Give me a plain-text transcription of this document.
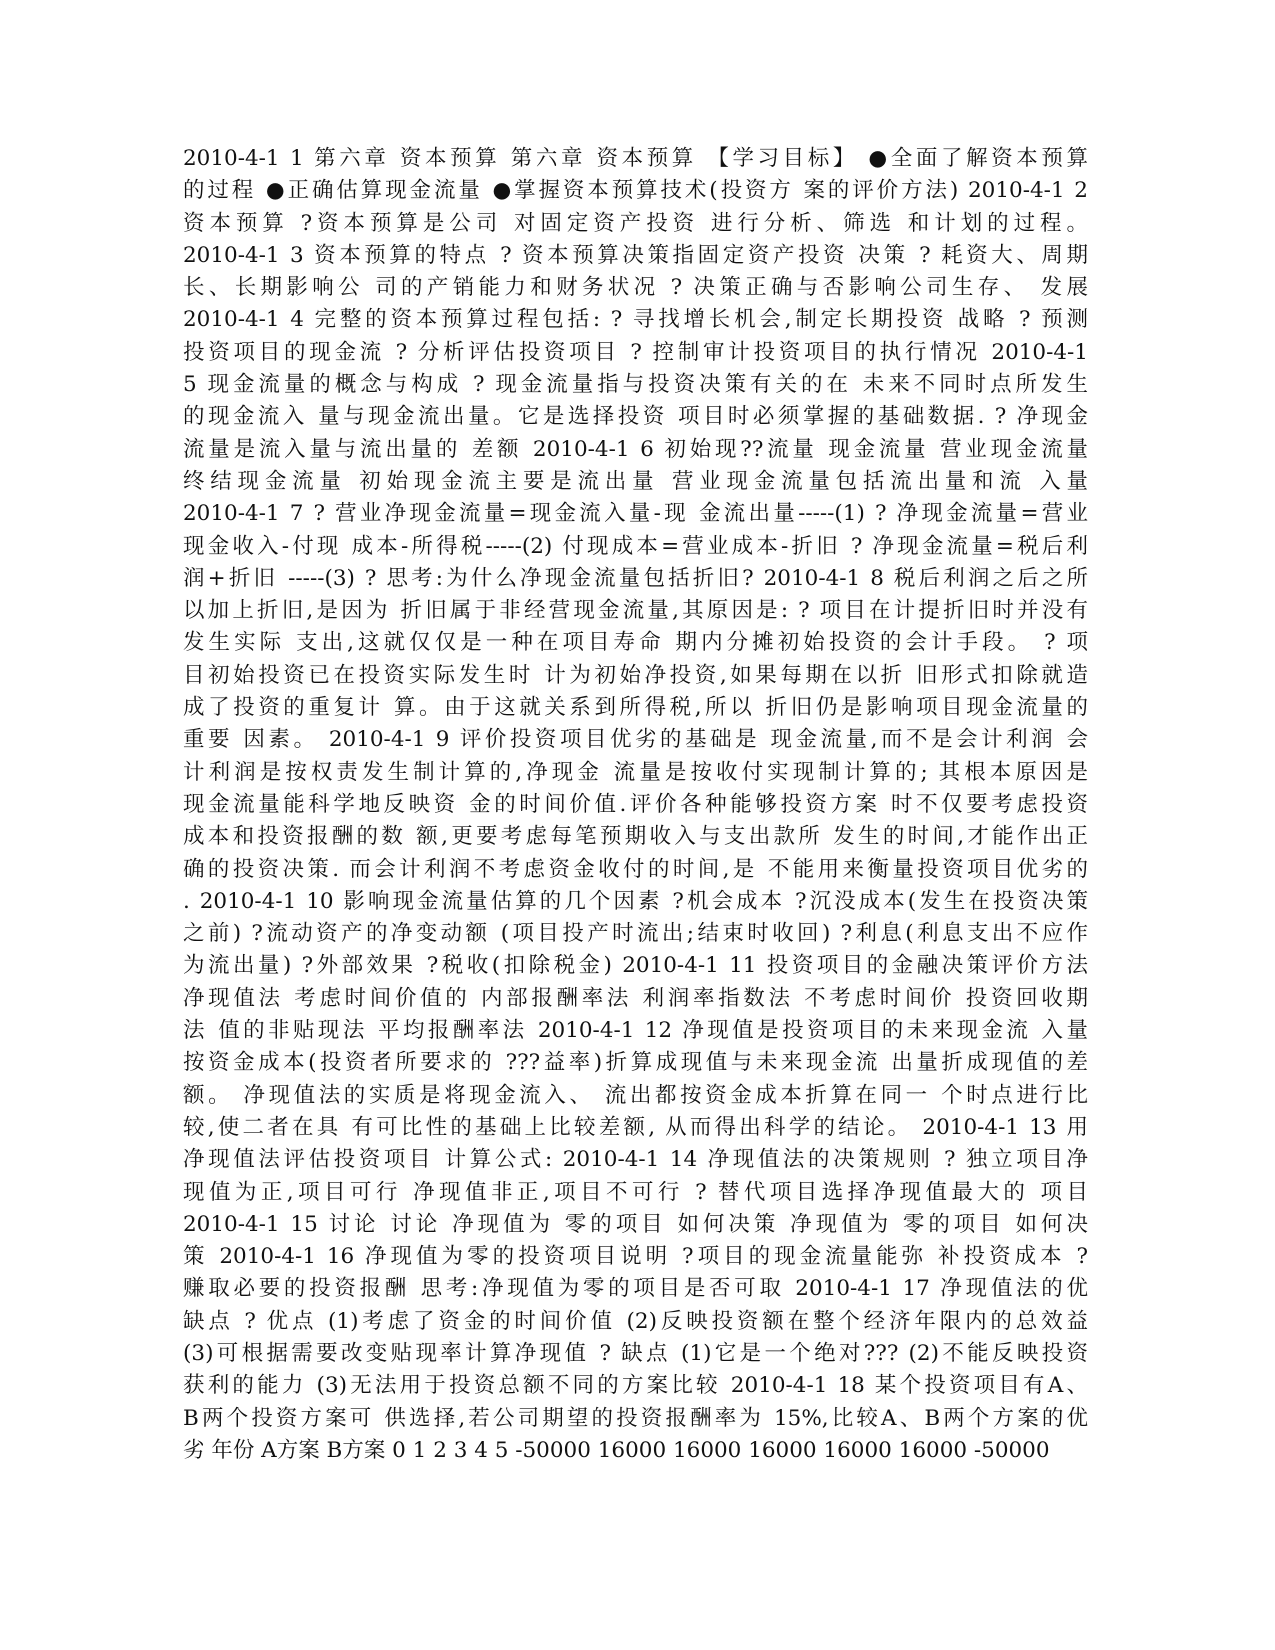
2010-4-1 1 第六章 资本预算 第六章 资本预算 【学习目标】 ●全面了解资本预算
的过程 ●正确估算现金流量 ●掌握资本预算技术(投资方 案的评价方法) 2010-4-1 2
资本预算 ?资本预算是公司 对固定资产投资 进行分析、筛选 和计划的过程。
2010-4-1 3 资本预算的特点 ? 资本预算决策指固定资产投资 决策 ? 耗资大、周期
长、长期影响公 司的产销能力和财务状况 ? 决策正确与否影响公司生存、 发展
2010-4-1 4 完整的资本预算过程包括: ? 寻找增长机会,制定长期投资 战略 ? 预测
投资项目的现金流 ? 分析评估投资项目 ? 控制审计投资项目的执行情况 2010-4-1
5 现金流量的概念与构成 ? 现金流量指与投资决策有关的在 未来不同时点所发生
的现金流入 量与现金流出量。它是选择投资 项目时必须掌握的基础数据. ? 净现金
流量是流入量与流出量的 差额 2010-4-1 6 初始现??流量 现金流量 营业现金流量
终结现金流量 初始现金流主要是流出量 营业现金流量包括流出量和流 入量
2010-4-1 7 ? 营业净现金流量=现金流入量-现 金流出量-----(1) ? 净现金流量=营业
现金收入-付现 成本-所得税-----(2) 付现成本=营业成本-折旧 ? 净现金流量=税后利
润+折旧 -----(3) ? 思考:为什么净现金流量包括折旧? 2010-4-1 8 税后利润之后之所
以加上折旧,是因为 折旧属于非经营现金流量,其原因是: ? 项目在计提折旧时并没有
发生实际 支出,这就仅仅是一种在项目寿命 期内分摊初始投资的会计手段。 ? 项
目初始投资已在投资实际发生时 计为初始净投资,如果每期在以折 旧形式扣除就造
成了投资的重复计 算。由于这就关系到所得税,所以 折旧仍是影响项目现金流量的
重要 因素。 2010-4-1 9 评价投资项目优劣的基础是 现金流量,而不是会计利润 会
计利润是按权责发生制计算的,净现金 流量是按收付实现制计算的; 其根本原因是
现金流量能科学地反映资 金的时间价值.评价各种能够投资方案 时不仅要考虑投资
成本和投资报酬的数 额,更要考虑每笔预期收入与支出款所 发生的时间,才能作出正
确的投资决策. 而会计利润不考虑资金收付的时间,是 不能用来衡量投资项目优劣的
. 2010-4-1 10 影响现金流量估算的几个因素 ?机会成本 ?沉没成本(发生在投资决策
之前) ?流动资产的净变动额 (项目投产时流出;结束时收回) ?利息(利息支出不应作
为流出量) ?外部效果 ?税收(扣除税金) 2010-4-1 11 投资项目的金融决策评价方法
净现值法 考虑时间价值的 内部报酬率法 利润率指数法 不考虑时间价 投资回收期
法 值的非贴现法 平均报酬率法 2010-4-1 12 净现值是投资项目的未来现金流 入量
按资金成本(投资者所要求的 ???益率)折算成现值与未来现金流 出量折成现值的差
额。 净现值法的实质是将现金流入、 流出都按资金成本折算在同一 个时点进行比
较,使二者在具 有可比性的基础上比较差额, 从而得出科学的结论。 2010-4-1 13 用
净现值法评估投资项目 计算公式: 2010-4-1 14 净现值法的决策规则 ? 独立项目净
现值为正,项目可行 净现值非正,项目不可行 ? 替代项目选择净现值最大的 项目
2010-4-1 15 讨论 讨论 净现值为 零的项目 如何决策 净现值为 零的项目 如何决
策 2010-4-1 16 净现值为零的投资项目说明 ?项目的现金流量能弥 补投资成本 ?
赚取必要的投资报酬 思考:净现值为零的项目是否可取 2010-4-1 17 净现值法的优
缺点 ? 优点 (1)考虑了资金的时间价值 (2)反映投资额在整个经济年限内的总效益
(3)可根据需要改变贴现率计算净现值 ? 缺点 (1)它是一个绝对??? (2)不能反映投资
获利的能力 (3)无法用于投资总额不同的方案比较 2010-4-1 18 某个投资项目有A、
B两个投资方案可 供选择,若公司期望的投资报酬率为 15%,比较A、B两个方案的优
劣 年份 A方案 B方案 0 1 2 3 4 5 -50000 16000 16000 16000 16000 16000 -50000
